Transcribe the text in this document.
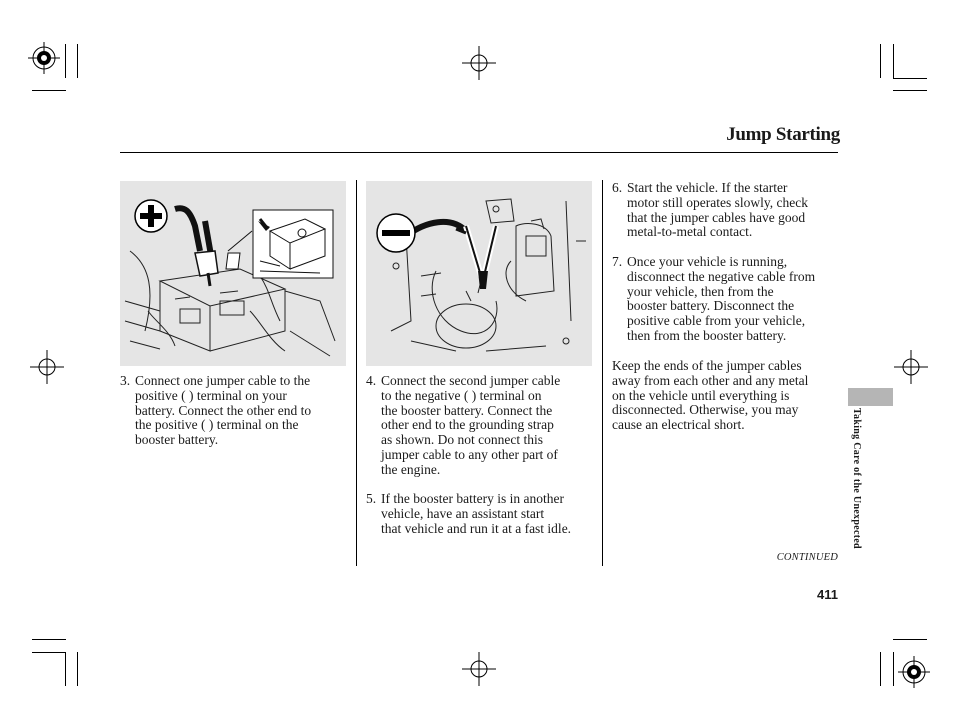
Jump Starting
3. Connect one jumper cable to the
positive ( ) terminal on your
battery. Connect the other end to
the positive ( ) terminal on the
booster battery.
4. Connect the second jumper cable
to the negative ( ) terminal on
the booster battery. Connect the
other end to the grounding strap
as shown. Do not connect this
jumper cable to any other part of
the engine.
5. If the booster battery is in another
vehicle, have an assistant start
that vehicle and run it at a fast idle.
6. Start the vehicle. If the starter
motor still operates slowly, check
that the jumper cables have good
metal-to-metal contact.
7. Once your vehicle is running,
disconnect the negative cable from
your vehicle, then from the
booster battery. Disconnect the
positive cable from your vehicle,
then from the booster battery.
Keep the ends of the jumper cables
away from each other and any metal
on the vehicle until everything is
disconnected. Otherwise, you may
cause an electrical short.	Taking Care of the Unexpected
CONTINUED
411
